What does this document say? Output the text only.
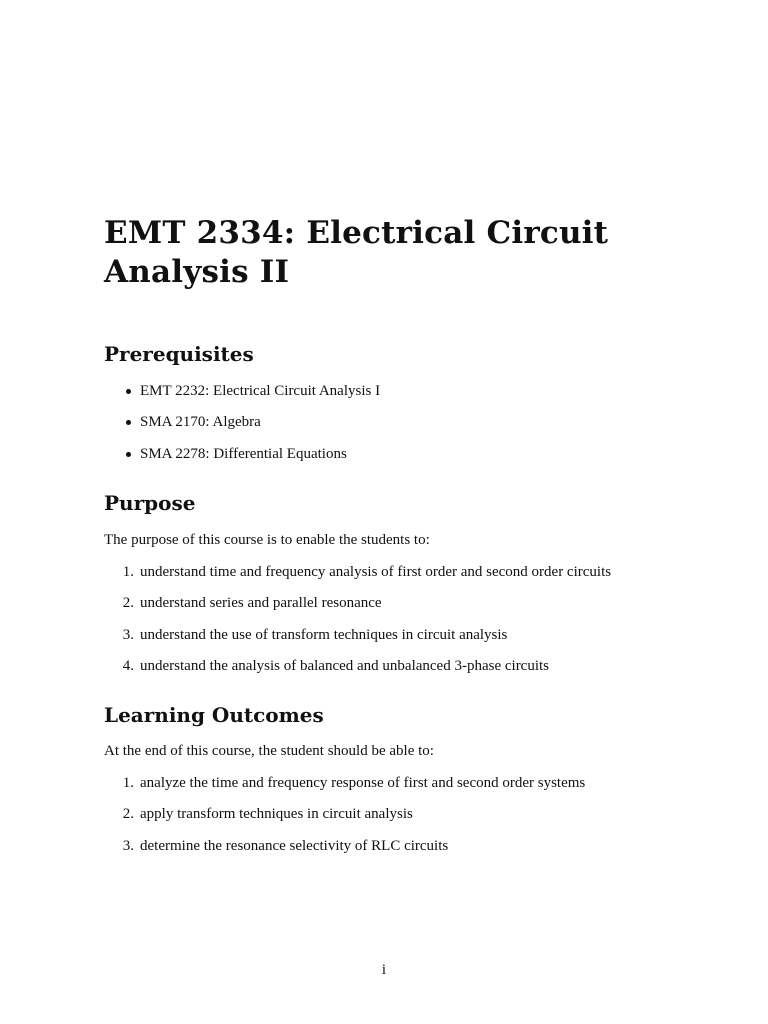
EMT 2334: Electrical Circuit Analysis II
Prerequisites
EMT 2232: Electrical Circuit Analysis I
SMA 2170: Algebra
SMA 2278: Differential Equations
Purpose

The purpose of this course is to enable the students to:

1. understand time and frequency analysis of first order and second order circuits
2. understand series and parallel resonance
3. understand the use of transform techniques in circuit analysis
4. understand the analysis of balanced and unbalanced 3-phase circuits
Learning Outcomes

At the end of this course, the student should be able to:

1. analyze the time and frequency response of first and second order systems
2. apply transform techniques in circuit analysis
3. determine the resonance selectivity of RLC circuits
i
